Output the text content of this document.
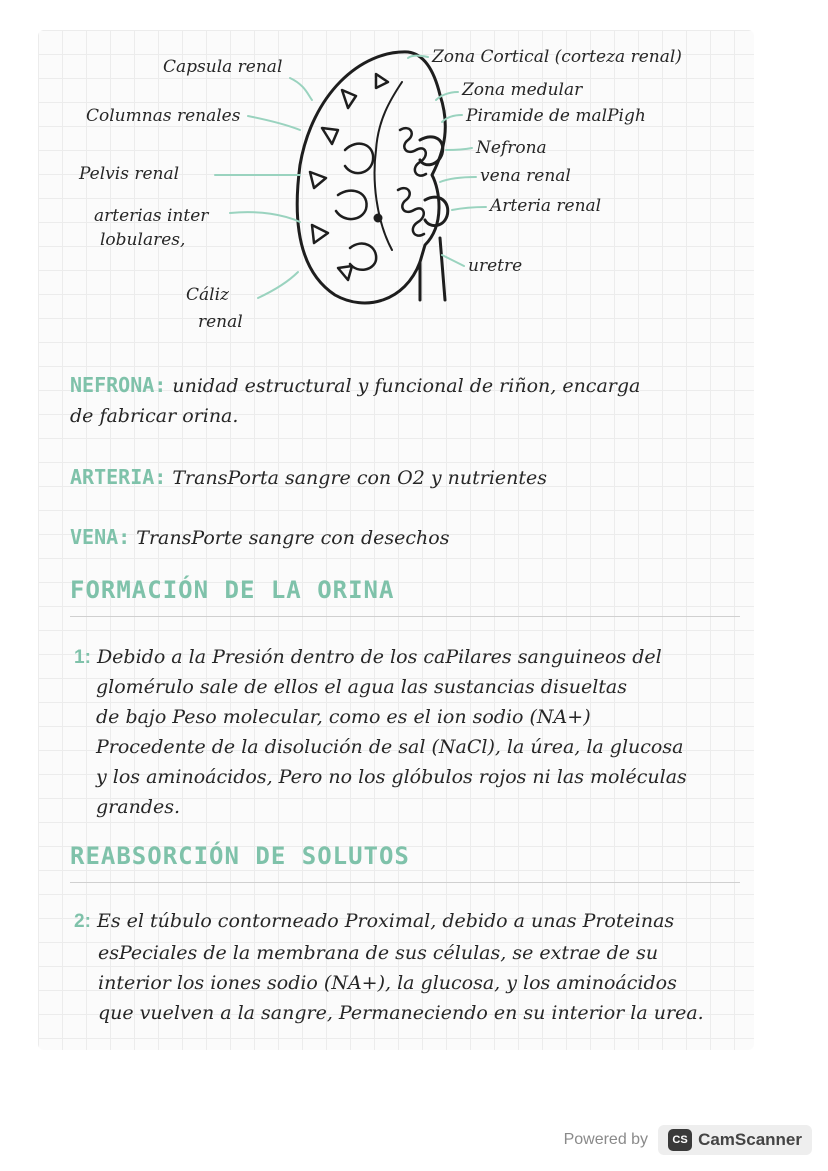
Capsula renal
Columnas renales
Pelvis renal
arterias inter
lobulares,
Cáliz
renal
Zona Cortical (corteza renal)
Zona medular
Piramide de malPigh
Nefrona
vena renal
Arteria renal
uretre
NEFRONA: unidad estructural y funcional de riñon, encarga
de fabricar orina.
ARTERIA: TransPorta sangre con O2 y nutrientes
VENA: TransPorte sangre con desechos
FORMACIÓN DE LA ORINA
1: Debido a la Presión dentro de los caPilares sanguineos del
glomérulo sale de ellos el agua las sustancias disueltas
de bajo Peso molecular, como es el ion sodio (NA+)
Procedente de la disolución de sal (NaCl), la úrea, la glucosa
y los aminoácidos, Pero no los glóbulos rojos ni las moléculas
grandes.
REABSORCIÓN DE SOLUTOS
2: Es el túbulo contorneado Proximal, debido a unas Proteinas
esPeciales de la membrana de sus células, se extrae de su
interior los iones sodio (NA+), la glucosa, y los aminoácidos
que vuelven a la sangre, Permaneciendo en su interior la urea.
Powered by	CS CamScanner
